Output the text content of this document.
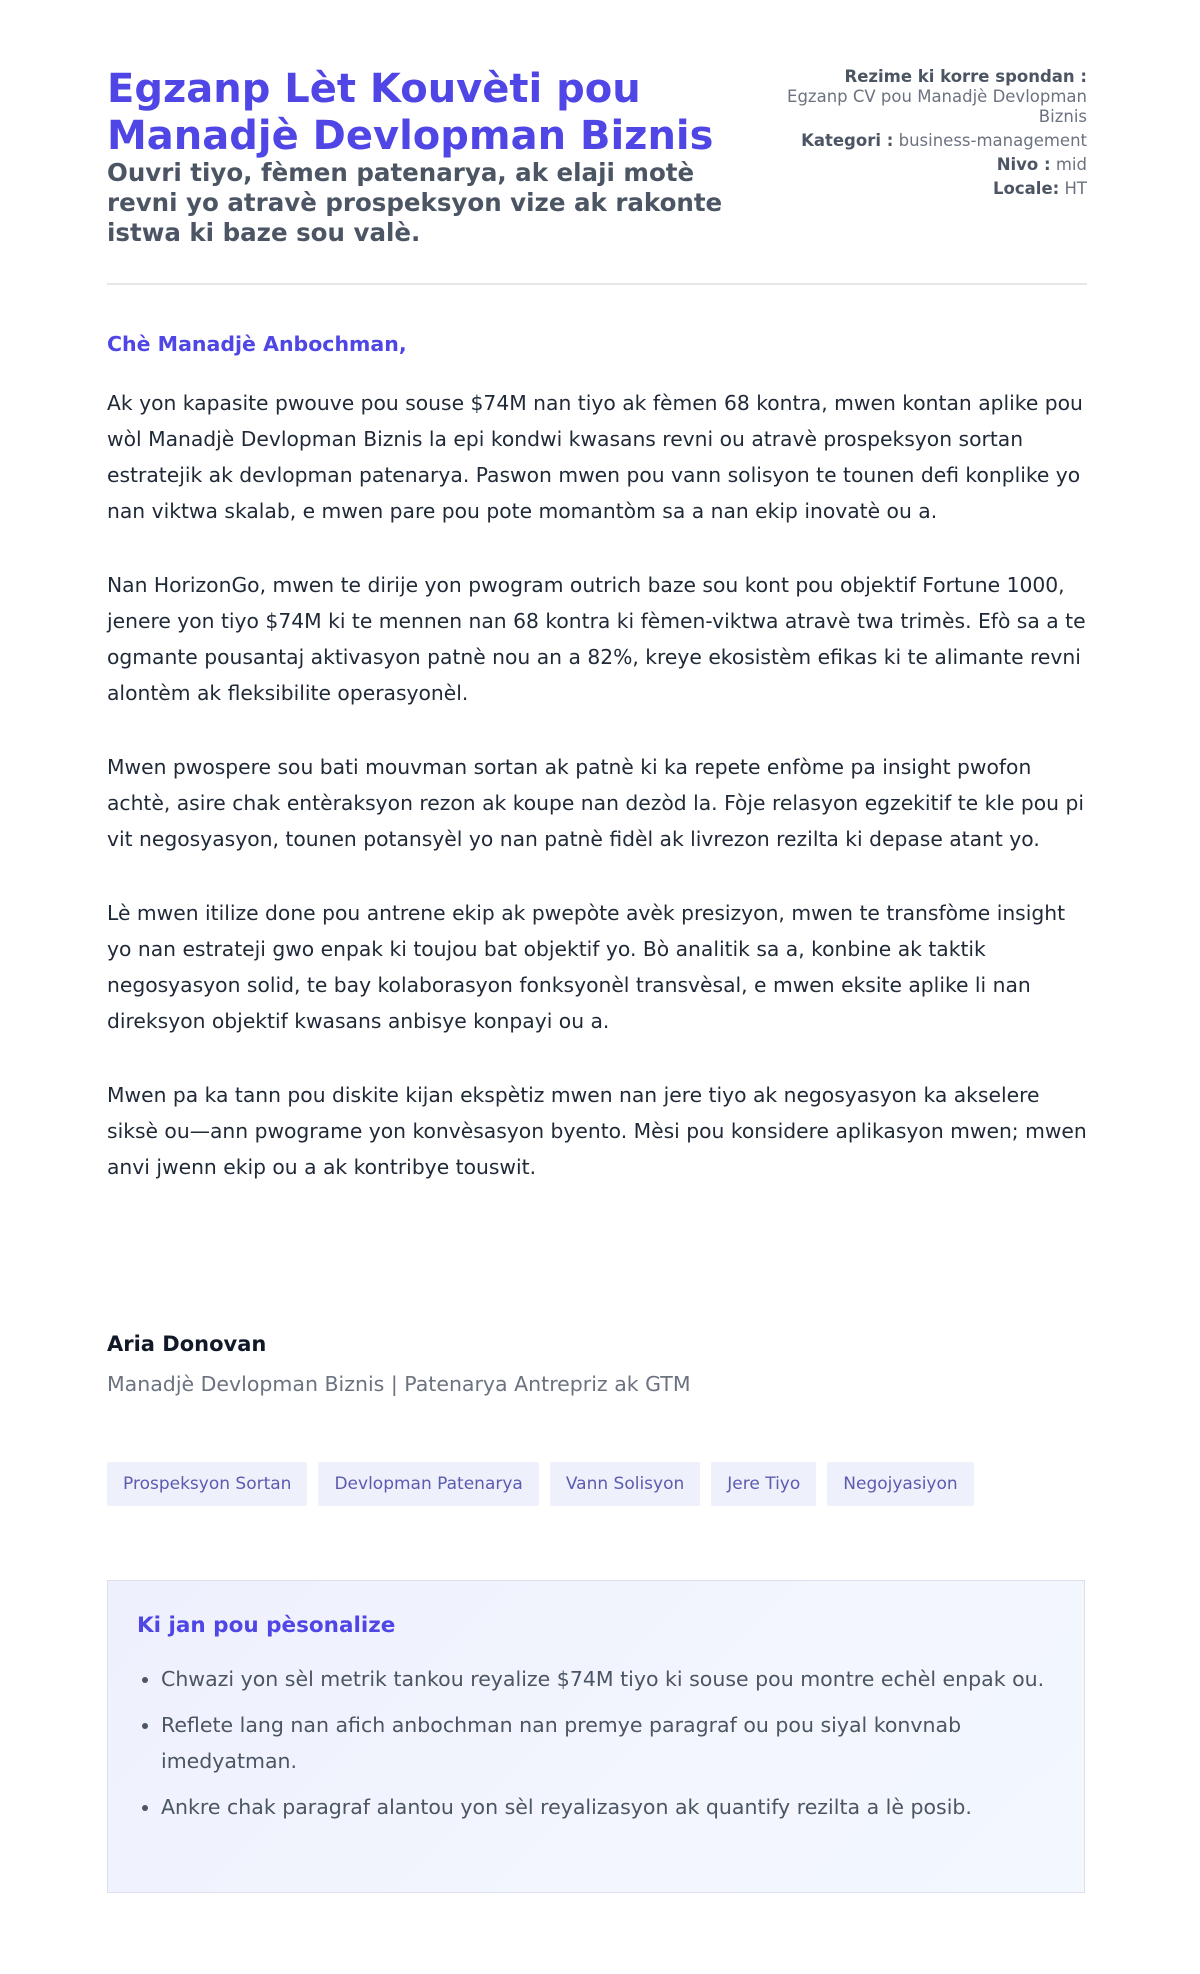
Egzanp Lèt Kouvèti pou Manadjè Devlopman Biznis

Ouvri tiyo, fèmen patenarya, ak elaji motè revni yo atravè prospeksyon vize ak rakonte istwa ki baze sou valè.

Rezime ki korre spondan :
Egzanp CV pou Manadjè Devlopman Biznis
Kategori : business-management
Nivo : mid
Locale: HT
Chè Manadjè Anbochman,

Ak yon kapasite pwouve pou souse $74M nan tiyo ak fèmen 68 kontra, mwen kontan aplike pou wòl Manadjè Devlopman Biznis la epi kondwi kwasans revni ou atravè prospeksyon sortan estratejik ak devlopman patenarya. Paswon mwen pou vann solisyon te tounen defi konplike yo nan viktwa skalab, e mwen pare pou pote momantòm sa a nan ekip inovatè ou a.

Nan HorizonGo, mwen te dirije yon pwogram outrich baze sou kont pou objektif Fortune 1000, jenere yon tiyo $74M ki te mennen nan 68 kontra ki fèmen-viktwa atravè twa trimès. Efò sa a te ogmante pousantaj aktivasyon patnè nou an a 82%, kreye ekosistèm efikas ki te alimante revni alontèm ak fleksibilite operasyonèl.

Mwen pwospere sou bati mouvman sortan ak patnè ki ka repete enfòme pa insight pwofon achtè, asire chak entèraksyon rezon ak koupe nan dezòd la. Fòje relasyon egzekitif te kle pou pi vit negosyasyon, tounen potansyèl yo nan patnè fidèl ak livrezon rezilta ki depase atant yo.

Lè mwen itilize done pou antrene ekip ak pwepòte avèk presizyon, mwen te transfòme insight yo nan estrateji gwo enpak ki toujou bat objektif yo. Bò analitik sa a, konbine ak taktik negosyasyon solid, te bay kolaborasyon fonksyonèl transvèsal, e mwen eksite aplike li nan direksyon objektif kwasans anbisye konpayi ou a.

Mwen pa ka tann pou diskite kijan ekspètiz mwen nan jere tiyo ak negosyasyon ka akselere siksè ou—ann pwograme yon konvèsasyon byento. Mèsi pou konsidere aplikasyon mwen; mwen anvi jwenn ekip ou a ak kontribye touswit.

Aria Donovan
Manadjè Devlopman Biznis | Patenarya Antrepriz ak GTM
Prospeksyon Sortan	Devlopman Patenarya	Vann Solisyon	Jere Tiyo	Negojyasiyon
Ki jan pou pèsonalize
• Chwazi yon sèl metrik tankou reyalize $74M tiyo ki souse pou montre echèl enpak ou.
• Reflete lang nan afich anbochman nan premye paragraf ou pou siyal konvnab imedyatman.
• Ankre chak paragraf alantou yon sèl reyalizasyon ak quantify rezilta a lè posib.
